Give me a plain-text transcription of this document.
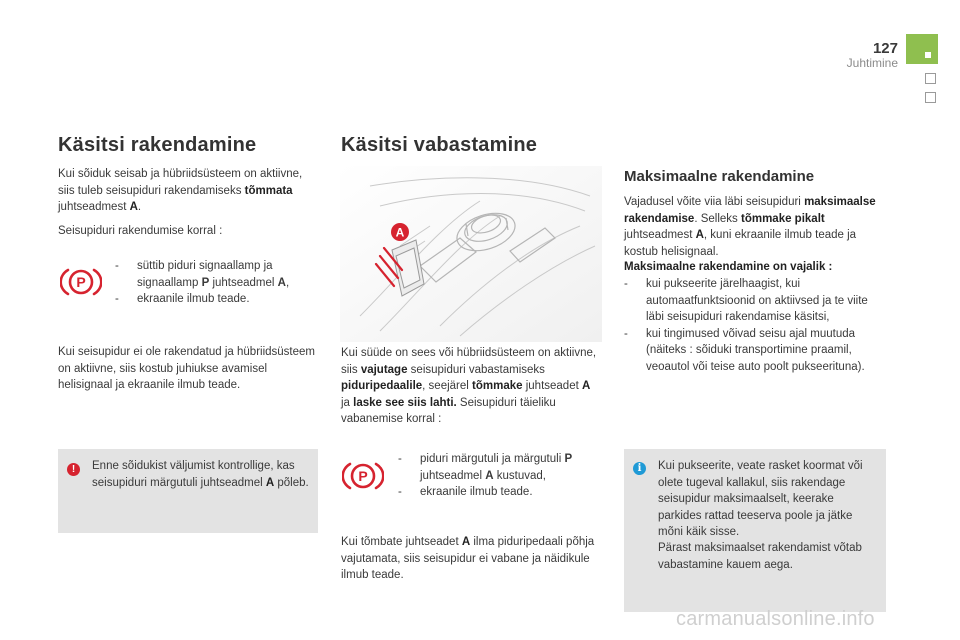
127
Juhtimine
Käsitsi rakendamine
Kui sõiduk seisab ja hübriidsüsteem on aktiivne, siis tuleb seisupiduri rakendamiseks tõmmata juhtseadmest A.
Seisupiduri rakendumise korral :
P
- süttib piduri signaallamp ja signaallamp P juhtseadmel A,
- ekraanile ilmub teade.
Kui seisupidur ei ole rakendatud ja hübriidsüsteem on aktiivne, siis kostub juhiukse avamisel helisignaal ja ekraanile ilmub teade.
!	Enne sõidukist väljumist kontrollige, kas seisupiduri märgutuli juhtseadmel A põleb.
Käsitsi vabastamine
A
Kui süüde on sees või hübriidsüsteem on aktiivne, siis vajutage seisupiduri vabastamiseks piduripedaalile, seejärel tõmmake juhtseadet A ja laske see siis lahti. Seisupiduri täieliku vabanemise korral :
P
- piduri märgutuli ja märgutuli P juhtseadmel A kustuvad,
- ekraanile ilmub teade.
Kui tõmbate juhtseadet A ilma piduripedaali põhja vajutamata, siis seisupidur ei vabane ja näidikule ilmub teade.
Maksimaalne rakendamine
Vajadusel võite viia läbi seisupiduri maksimaalse rakendamise. Selleks tõmmake pikalt juhtseadmest A, kuni ekraanile ilmub teade ja kostub helisignaal.
Maksimaalne rakendamine on vajalik :
- kui pukseerite järelhaagist, kui automaatfunktsioonid on aktiivsed ja te viite läbi seisupiduri rakendamise käsitsi,
- kui tingimused võivad seisu ajal muutuda (näiteks : sõiduki transportimine praamil, veoautol või teise auto poolt pukseerituna).
i	Kui pukseerite, veate rasket koormat või olete tugeval kallakul, siis rakendage seisupidur maksimaalselt, keerake parkides rattad teeserva poole ja jätke mõni käik sisse.
Pärast maksimaalset rakendamist võtab vabastamine kauem aega.
carmanualsonline.info
